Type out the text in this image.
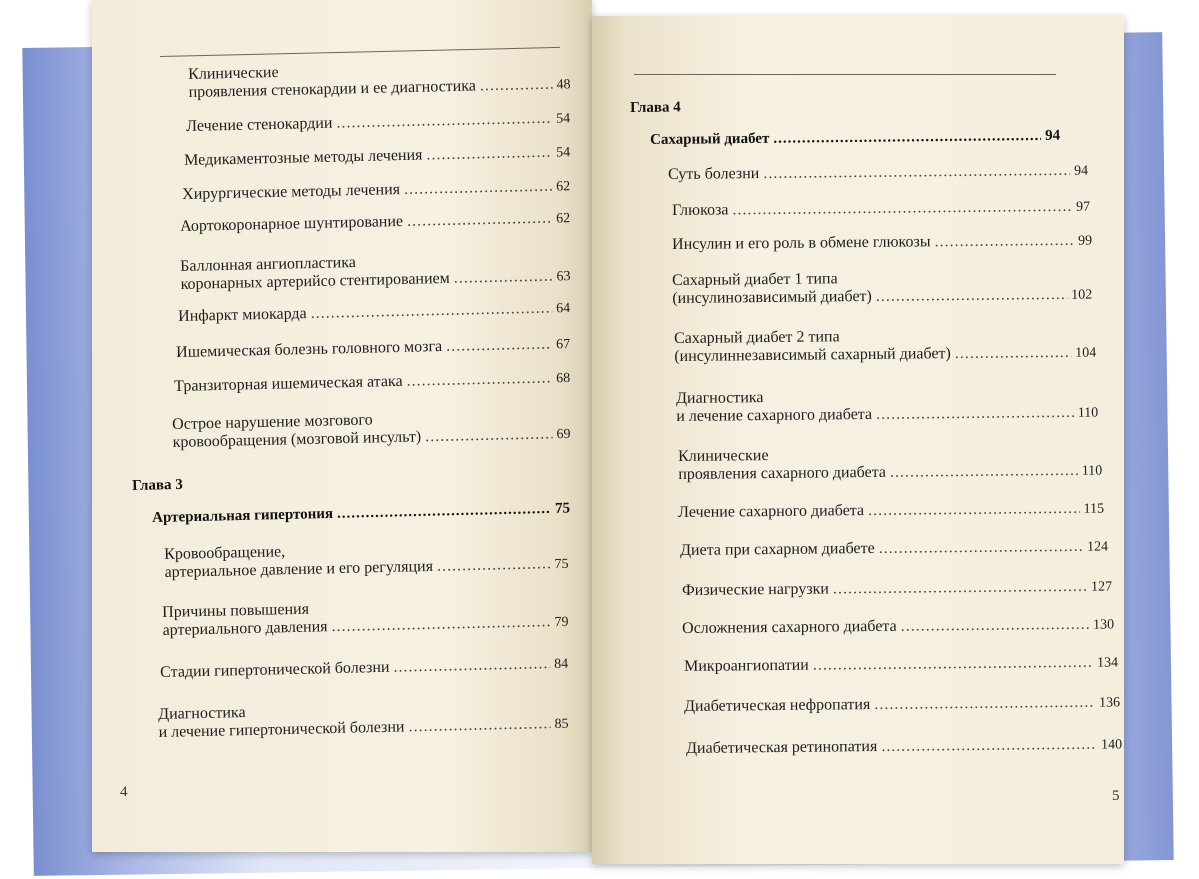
Клинические
проявления стенокардии и ее диагностика .....	48
Лечение стенокардии .....	54
Медикаментозные методы лечения .....	54
Хирургические методы лечения .....	62
Аортокоронарное шунтирование .....	62
Баллонная ангиопластика
коронарных артерийсо стентированием .....	63
Инфаркт миокарда .....	64
Ишемическая болезнь головного мозга .....	67
Транзиторная ишемическая атака .....	68
Острое нарушение мозгового
кровообращения (мозговой инсульт) .....	69
Глава 3
Артериальная гипертония .....	75
Кровообращение,
артериальное давление и его регуляция .....	75
Причины повышения
артериального давления .....	79
Стадии гипертонической болезни .....	84
Диагностика
и лечение гипертонической болезни .....	85
4
Глава 4
Сахарный диабет .....	94
Суть болезни .....	94
Глюкоза .....	97
Инсулин и его роль в обмене глюкозы .....	99
Сахарный диабет 1 типа
(инсулинозависимый диабет) .....	102
Сахарный диабет 2 типа
(инсулиннезависимый сахарный диабет) .....	104
Диагностика
и лечение сахарного диабета .....	110
Клинические
проявления сахарного диабета .....	110
Лечение сахарного диабета .....	115
Диета при сахарном диабете .....	124
Физические нагрузки .....	127
Осложнения сахарного диабета .....	130
Микроангиопатии .....	134
Диабетическая нефропатия .....	136
Диабетическая ретинопатия .....	140
5
